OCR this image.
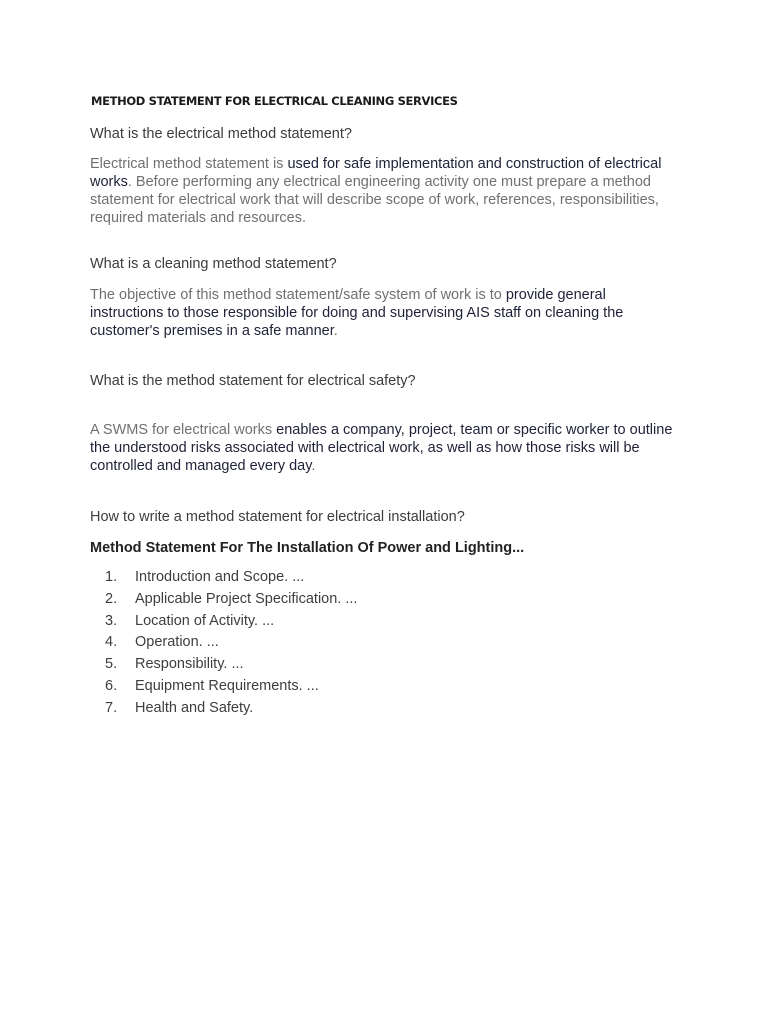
METHOD STATEMENT FOR ELECTRICAL CLEANING SERVICES

What is the electrical method statement?

Electrical method statement is used for safe implementation and construction of electrical works. Before performing any electrical engineering activity one must prepare a method statement for electrical work that will describe scope of work, references, responsibilities, required materials and resources.

What is a cleaning method statement?

The objective of this method statement/safe system of work is to provide general instructions to those responsible for doing and supervising AIS staff on cleaning the customer's premises in a safe manner.

What is the method statement for electrical safety?

A SWMS for electrical works enables a company, project, team or specific worker to outline the understood risks associated with electrical work, as well as how those risks will be controlled and managed every day.

How to write a method statement for electrical installation?

Method Statement For The Installation Of Power and Lighting...

1. Introduction and Scope. ...
2. Applicable Project Specification. ...
3. Location of Activity. ...
4. Operation. ...
5. Responsibility. ...
6. Equipment Requirements. ...
7. Health and Safety.
